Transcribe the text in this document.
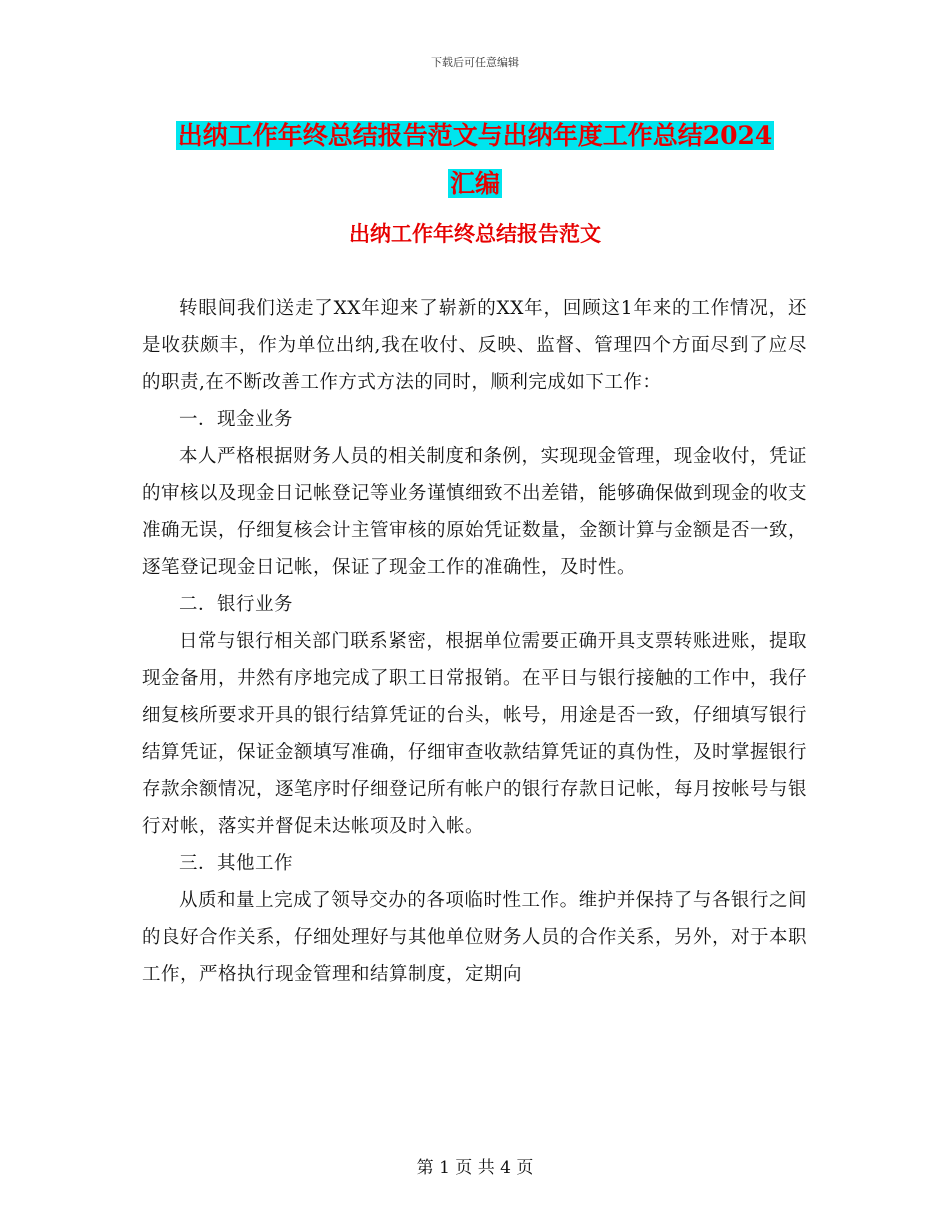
下载后可任意编辑
出纳工作年终总结报告范文与出纳年度工作总结2024
汇编
出纳工作年终总结报告范文

转眼间我们送走了XX年迎来了崭新的XX年，回顾这1年来的工作情况，还是收获颇丰，作为单位出纳,我在收付、反映、监督、管理四个方面尽到了应尽的职责,在不断改善工作方式方法的同时，顺利完成如下工作：

一．现金业务

本人严格根据财务人员的相关制度和条例，实现现金管理，现金收付，凭证的审核以及现金日记帐登记等业务谨慎细致不出差错，能够确保做到现金的收支准确无误，仔细复核会计主管审核的原始凭证数量，金额计算与金额是否一致，逐笔登记现金日记帐，保证了现金工作的准确性，及时性。

二．银行业务

日常与银行相关部门联系紧密，根据单位需要正确开具支票转账进账，提取现金备用，井然有序地完成了职工日常报销。在平日与银行接触的工作中，我仔细复核所要求开具的银行结算凭证的台头，帐号，用途是否一致，仔细填写银行结算凭证，保证金额填写准确，仔细审查收款结算凭证的真伪性，及时掌握银行存款余额情况，逐笔序时仔细登记所有帐户的银行存款日记帐，每月按帐号与银行对帐，落实并督促未达帐项及时入帐。

三．其他工作

从质和量上完成了领导交办的各项临时性工作。维护并保持了与各银行之间的良好合作关系，仔细处理好与其他单位财务人员的合作关系，另外，对于本职工作，严格执行现金管理和结算制度，定期向

第 1 页 共 4 页
